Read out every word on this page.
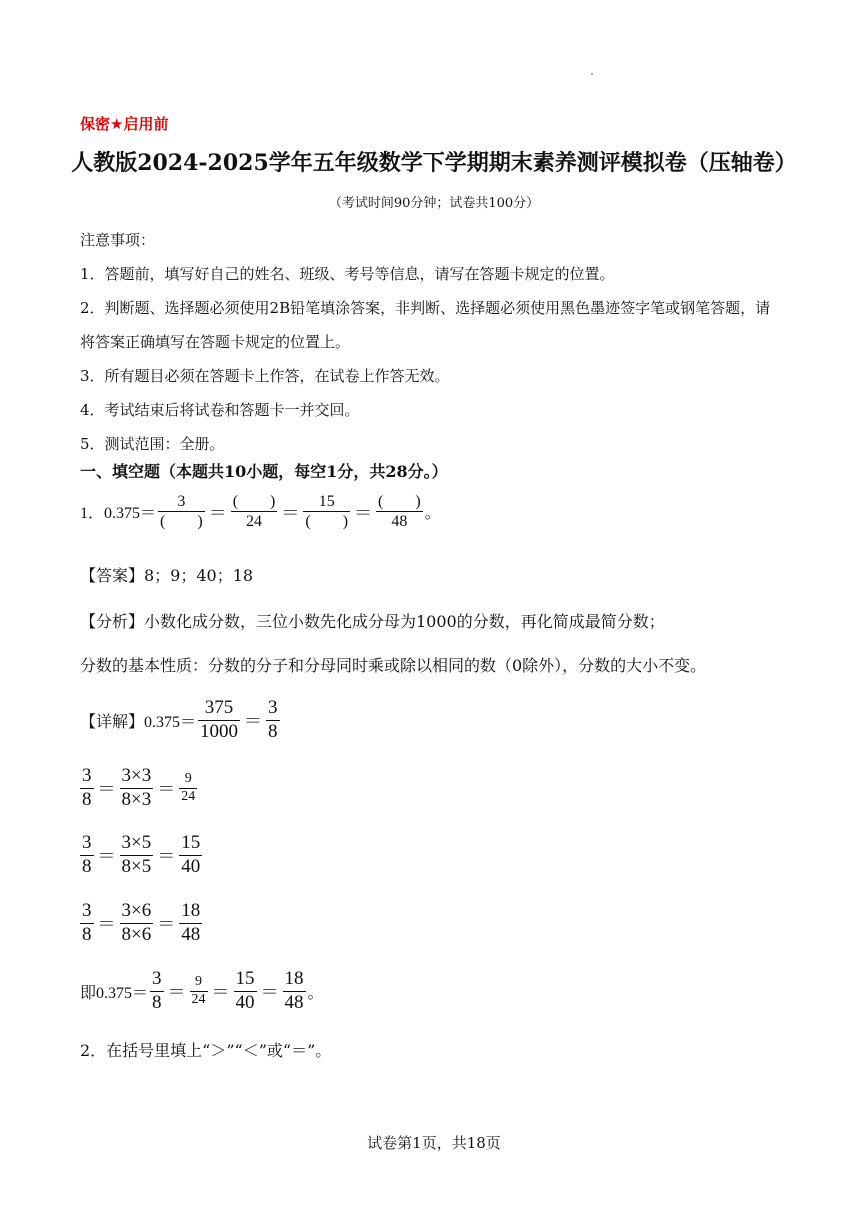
保密★启用前
人教版2024-2025学年五年级数学下学期期末素养测评模拟卷（压轴卷）
（考试时间90分钟；试卷共100分）
注意事项：
1．答题前，填写好自己的姓名、班级、考号等信息，请写在答题卡规定的位置。
2．判断题、选择题必须使用2B铅笔填涂答案，非判断、选择题必须使用黑色墨迹签字笔或钢笔答题，请
将答案正确填写在答题卡规定的位置上。
3．所有题目必须在答题卡上作答，在试卷上作答无效。
4．考试结束后将试卷和答题卡一并交回。
5．测试范围：全册。
一、填空题（本题共10小题，每空1分，共28分。）
1．$0.375= \frac{3}{( )} = \frac{( )}{24} = \frac{15}{( )} = \frac{( )}{48}$ 。
【答案】8；9；40；18
【分析】小数化成分数，三位小数先化成分母为1000的分数，再化简成最简分数；
分数的基本性质：分数的分子和分母同时乘或除以相同的数（0除外），分数的大小不变。
【详解】$0.375= \frac{375}{1000} = \frac{3}{8}$
$\frac{3}{8} = \frac{3\times 3}{8\times 3} = \frac{9}{24}$
$\frac{3}{8} = \frac{3\times 5}{8\times 5} = \frac{15}{40}$
$\frac{3}{8} = \frac{3\times 6}{8\times 6} = \frac{18}{48}$
即$0.375= \frac{3}{8} = \frac{9}{24} = \frac{15}{40} = \frac{18}{48}$ 。
2．在括号里填上“＞”“＜”或“＝”。
试卷第1页，共18页
